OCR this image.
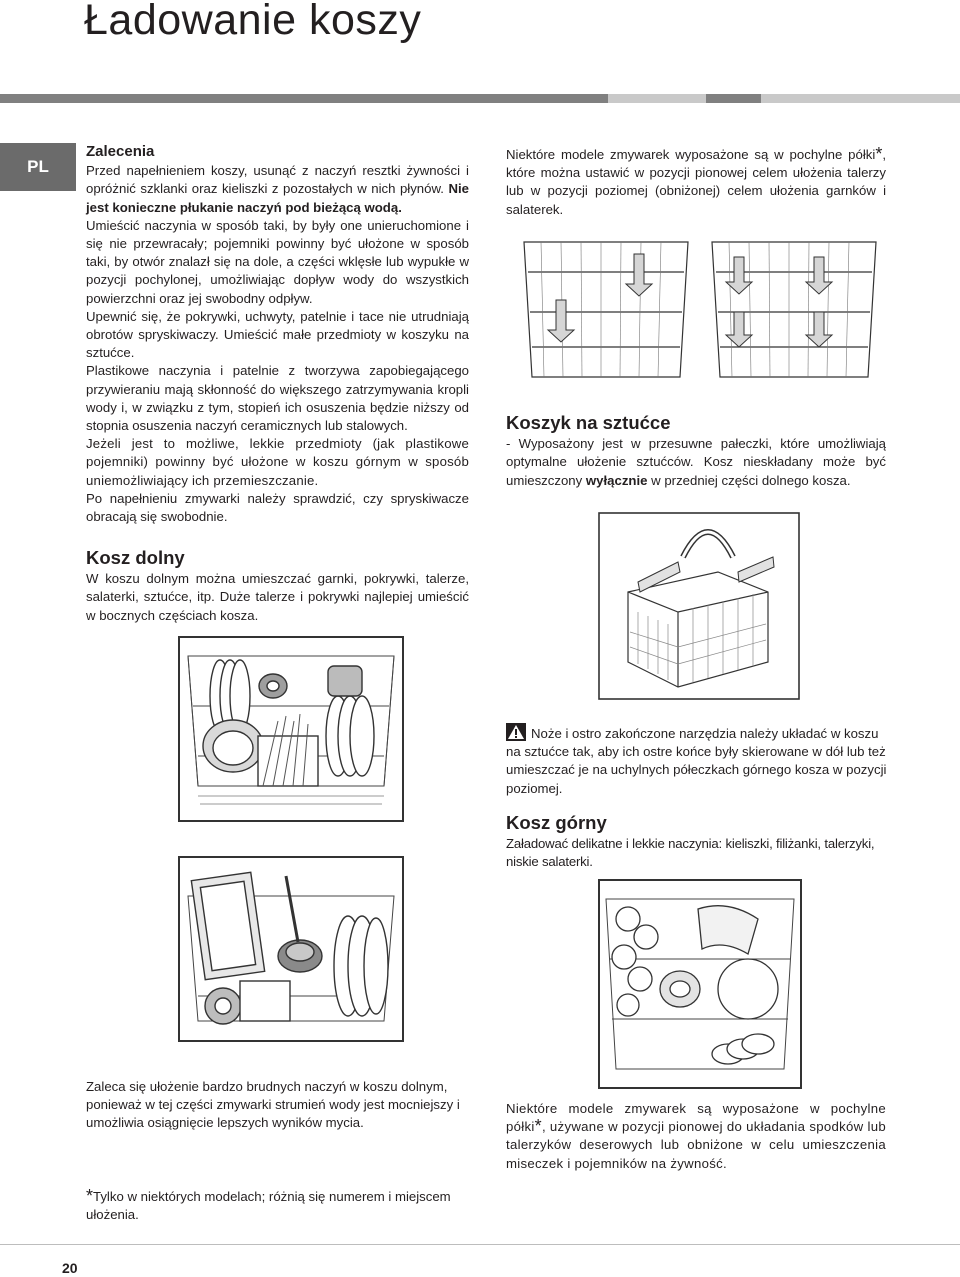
Ładowanie koszy
PL
Zalecenia

Przed napełnieniem koszy, usunąć z naczyń resztki żywności i opróżnić szklanki oraz kieliszki z pozostałych w nich płynów. Nie jest konieczne płukanie naczyń pod bieżącą wodą.

Umieścić naczynia w sposób taki, by były one unieruchomione i się nie przewracały; pojemniki powinny być ułożone w sposób taki, by otwór znalazł się na dole, a części wklęsłe lub wypukłe w pozycji pochylonej, umożliwiając dopływ wody do wszystkich powierzchni oraz jej swobodny odpływ.

Upewnić się, że pokrywki, uchwyty, patelnie i tace nie utrudniają obrotów spryskiwaczy. Umieścić małe przedmioty w koszyku na sztućce.

Plastikowe naczynia i patelnie z tworzywa zapobiegającego przywieraniu mają skłonność do większego zatrzymywania kropli wody i, w związku z tym, stopień ich osuszenia będzie niższy od stopnia osuszenia naczyń ceramicznych lub stalowych.

Jeżeli jest to możliwe, lekkie przedmioty (jak plastikowe pojemniki) powinny być ułożone w koszu górnym w sposób uniemożliwiający ich przemieszczanie.

Po napełnieniu zmywarki należy sprawdzić, czy spryskiwacze obracają się swobodnie.

Kosz dolny

W koszu dolnym można umieszczać garnki, pokrywki, talerze, salaterki, sztućce, itp. Duże talerze i pokrywki najlepiej umieścić w bocznych częściach kosza.

Zaleca się ułożenie bardzo brudnych naczyń w koszu dolnym, ponieważ w tej części zmywarki strumień wody jest mocniejszy i umożliwia osiągnięcie lepszych wyników mycia.
Niektóre modele zmywarek wyposażone są w pochylne półki*, które można ustawić w pozycji pionowej celem ułożenia talerzy lub w pozycji poziomej (obniżonej) celem ułożenia garnków i salaterek.
Koszyk na sztućce

- Wyposażony jest w przesuwne pałeczki, które umożliwiają optymalne ułożenie sztućców. Kosz nieskładany może być umieszczony wyłącznie w przedniej części dolnego kosza.

Noże i ostro zakończone narzędzia należy układać w koszu na sztućce tak, aby ich ostre końce były skierowane w dół lub też umieszczać je na uchylnych półeczkach górnego kosza w pozycji poziomej.
Kosz górny

Załadować delikatne i lekkie naczynia: kieliszki, filiżanki, talerzyki, niskie salaterki.

Niektóre modele zmywarek są wyposażone w pochylne półki*, używane w pozycji pionowej do układania spodków lub talerzyków deserowych lub obniżone w celu umieszczenia miseczek i pojemników na żywność.
*Tylko w niektórych modelach; różnią się numerem i miejscem ułożenia.
20
